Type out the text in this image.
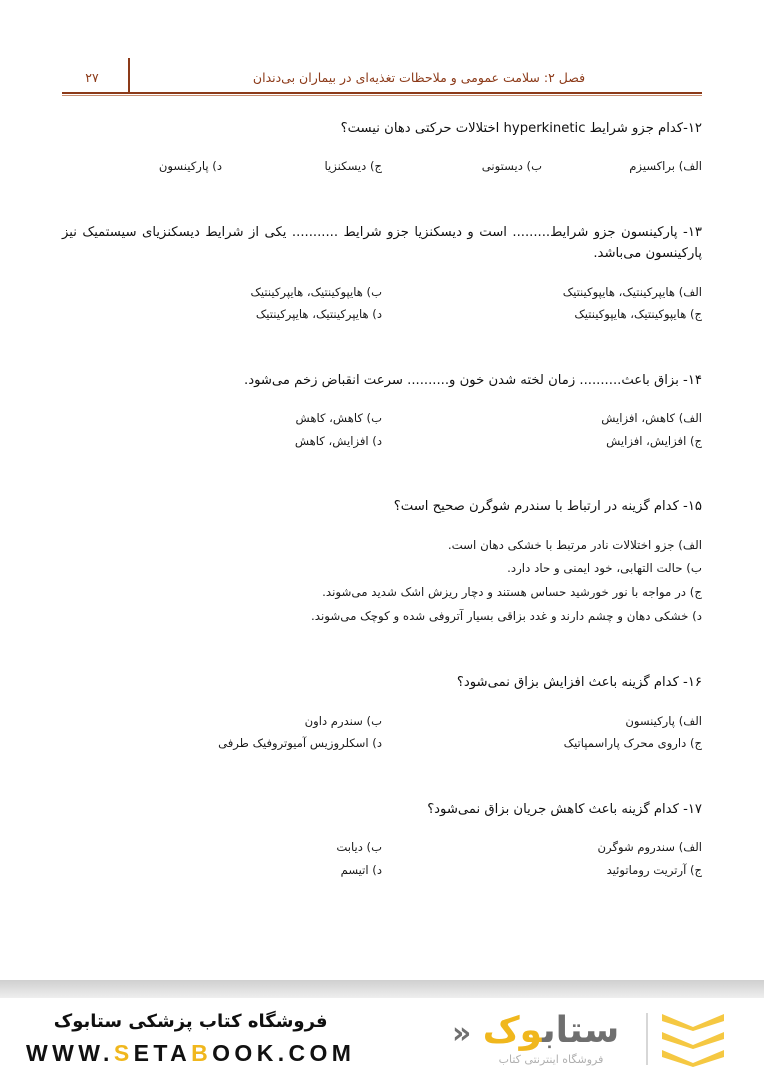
فصل ۲: سلامت عمومی و ملاحظات تغذیه‌ای در بیماران بی‌دندان
۲۷
۱۲-کدام جزو شرایط hyperkinetic اختلالات حرکتی دهان نیست؟
الف) براکسیزم
ب) دیستونی
ج) دیسکنزیا
د) پارکینسون
۱۳- پارکینسون جزو شرایط......... است و دیسکنزیا جزو شرایط ........... یکی از شرایط دیسکنزیای سیستمیک نیز
پارکینسون می‌باشد.
الف) هایپرکینتیک، هایپوکینتیک
ب) هایپوکینتیک، هایپرکینتیک
ج) هایپوکینتیک، هایپوکینتیک
د) هایپرکینتیک، هایپرکینتیک
۱۴- بزاق باعث.......... زمان لخته شدن خون و.......... سرعت انقباض زخم می‌شود.
الف) کاهش، افزایش
ب) کاهش، کاهش
ج) افزایش، افزایش
د) افزایش، کاهش
۱۵- کدام گزینه در ارتباط با سندرم شوگرن صحیح است؟
الف) جزو اختلالات نادر مرتبط با خشکی دهان است.
ب) حالت التهابی، خود ایمنی و حاد دارد.
ج) در مواجه با نور خورشید حساس هستند و دچار ریزش اشک شدید می‌شوند.
د) خشکی دهان و چشم دارند و غدد بزاقی بسیار آتروفی شده و کوچک می‌شوند.
۱۶- کدام گزینه باعث افزایش بزاق نمی‌شود؟
الف) پارکینسون
ب) سندرم داون
ج) داروی محرک پاراسمپاتیک
د) اسکلروزیس آمیوتروفیک طرفی
۱۷- کدام گزینه باعث کاهش جریان بزاق نمی‌شود؟
الف) سندروم شوگرن
ب) دیابت
ج) آرتریت روماتوئید
د) اتیسم
«	ستابوک
فروشگاه اینترنتی کتاب
فروشگاه کتاب پزشکی ستابوک
WWW.SETABOOK.COM
